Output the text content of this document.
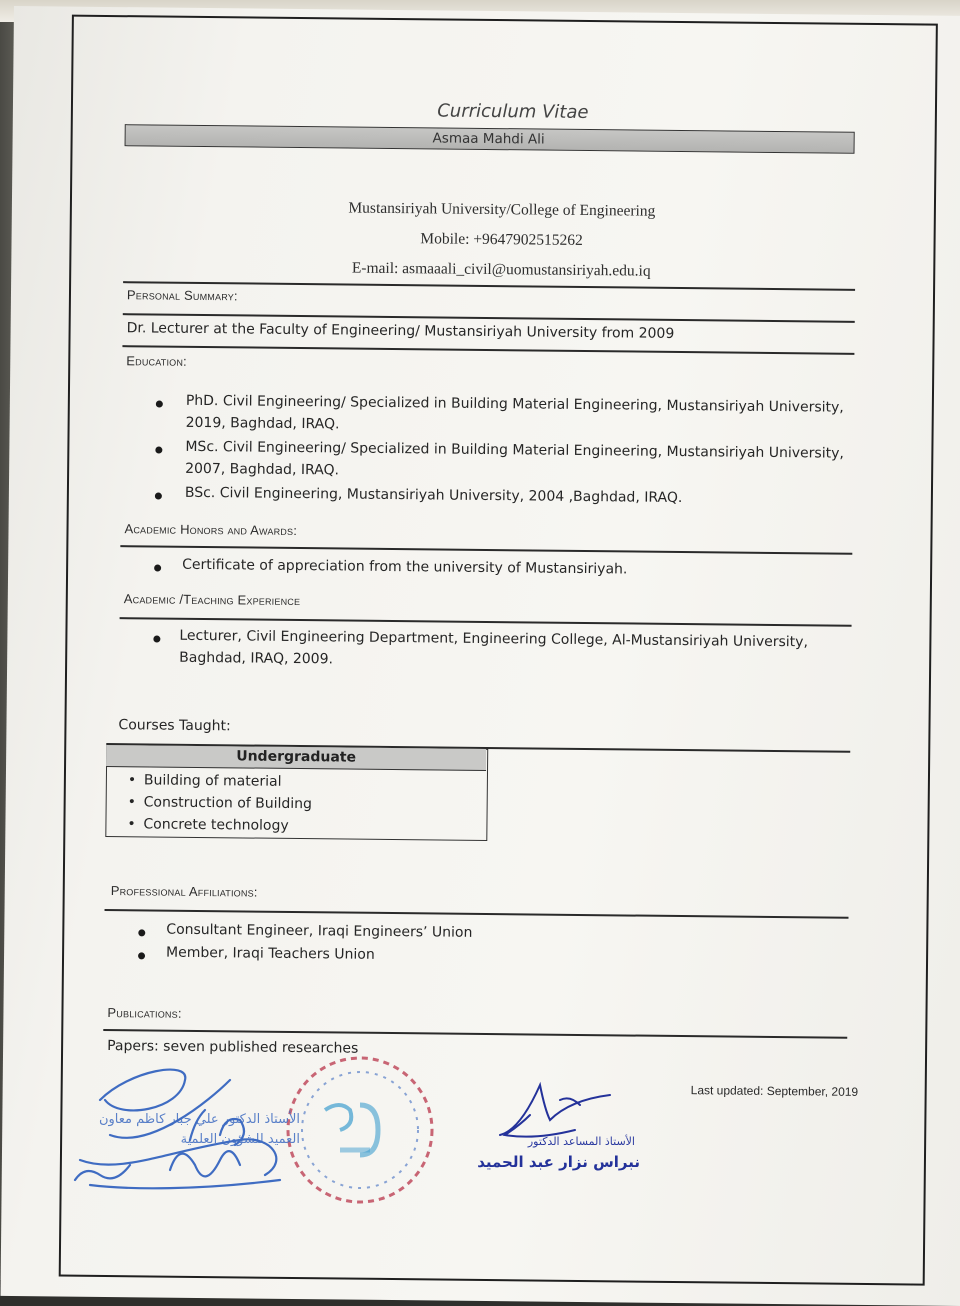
Curriculum Vitae
Asmaa Mahdi Ali
Mustansiriyah University/College of Engineering
Mobile: +9647902515262
E-mail: asmaaali_civil@uomustansiriyah.edu.iq
Personal Summary:
Dr. Lecturer at the Faculty of Engineering/ Mustansiriyah University from 2009
Education:
PhD. Civil Engineering/ Specialized in Building Material Engineering, Mustansiriyah University,
2019, Baghdad, IRAQ.
MSc. Civil Engineering/ Specialized in Building Material Engineering, Mustansiriyah University,
2007, Baghdad, IRAQ.
BSc. Civil Engineering, Mustansiriyah University, 2004 ,Baghdad, IRAQ.
Academic Honors and Awards:
Certificate of appreciation from the university of Mustansiriyah.
Academic /Teaching Experience
Lecturer, Civil Engineering Department, Engineering College, Al-Mustansiriyah University,
Baghdad, IRAQ, 2009.
Courses Taught:
Undergraduate
• Building of material
• Construction of Building
• Concrete technology
Professional Affiliations:
Consultant Engineer, Iraqi Engineers’ Union
Member, Iraqi Teachers Union
Publications:
Papers: seven published researches
Last updated: September, 2019
الأستاذ المساعد الدكتور
نبراس نزار عبد الحميد
الأستاذ الدكتور علي جبار كاظم معاون العميد للشؤون العلمية
